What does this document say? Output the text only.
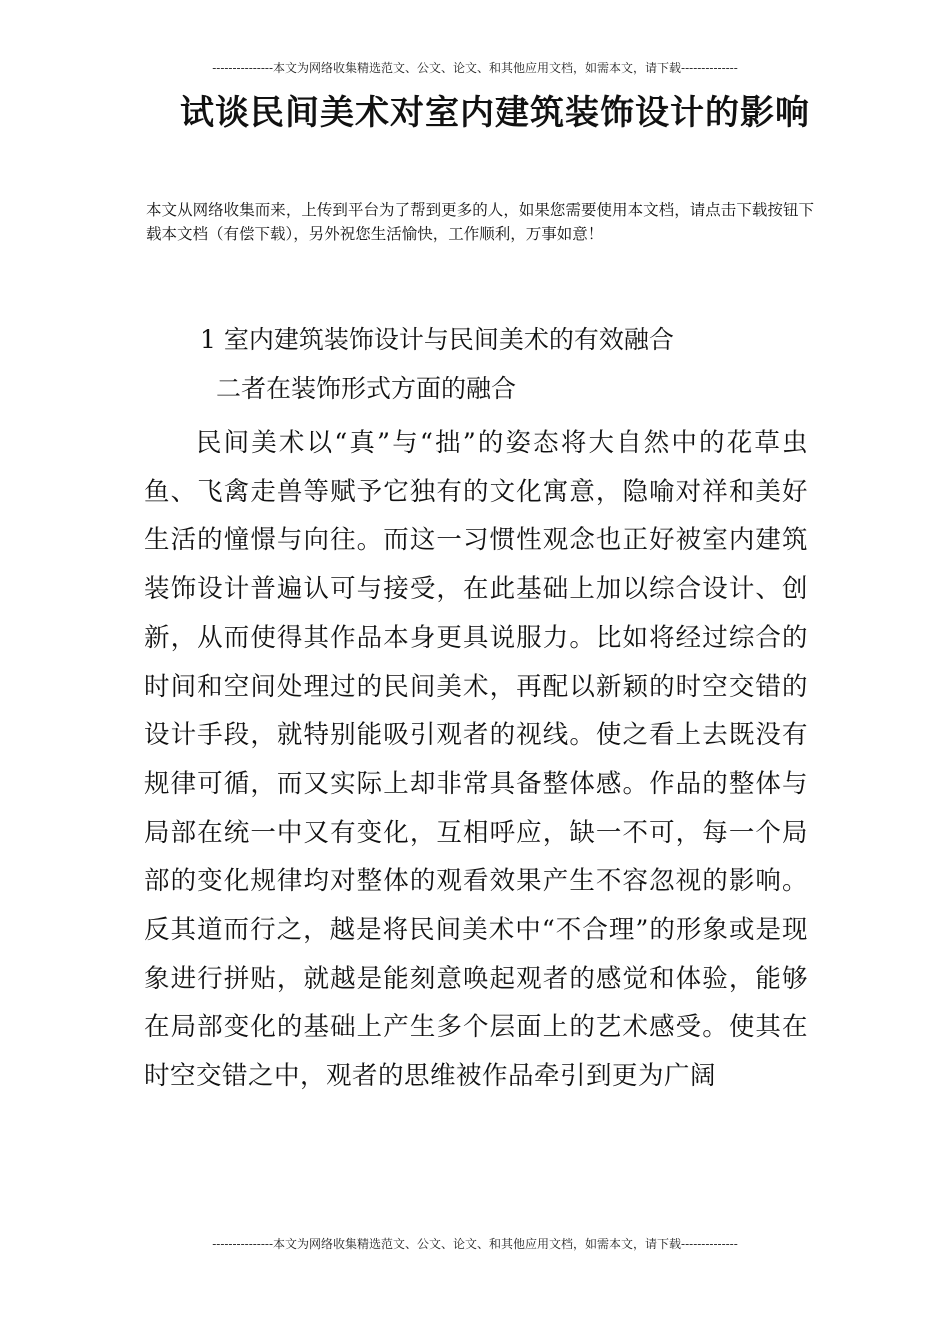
---------------本文为网络收集精选范文、公文、论文、和其他应用文档，如需本文，请下载--------------
试谈民间美术对室内建筑装饰设计的影响
本文从网络收集而来，上传到平台为了帮到更多的人，如果您需要使用本文档，请点击下载按钮下载本文档（有偿下载），另外祝您生活愉快，工作顺利，万事如意！
1 室内建筑装饰设计与民间美术的有效融合
二者在装饰形式方面的融合
民间美术以“真”与“拙”的姿态将大自然中的花草虫鱼、飞禽走兽等赋予它独有的文化寓意，隐喻对祥和美好生活的憧憬与向往。而这一习惯性观念也正好被室内建筑装饰设计普遍认可与接受，在此基础上加以综合设计、创新，从而使得其作品本身更具说服力。比如将经过综合的时间和空间处理过的民间美术，再配以新颖的时空交错的设计手段，就特别能吸引观者的视线。使之看上去既没有规律可循，而又实际上却非常具备整体感。作品的整体与局部在统一中又有变化，互相呼应，缺一不可，每一个局部的变化规律均对整体的观看效果产生不容忽视的影响。反其道而行之，越是将民间美术中“不合理”的形象或是现象进行拼贴，就越是能刻意唤起观者的感觉和体验，能够在局部变化的基础上产生多个层面上的艺术感受。使其在时空交错之中，观者的思维被作品牵引到更为广阔
---------------本文为网络收集精选范文、公文、论文、和其他应用文档，如需本文，请下载--------------
